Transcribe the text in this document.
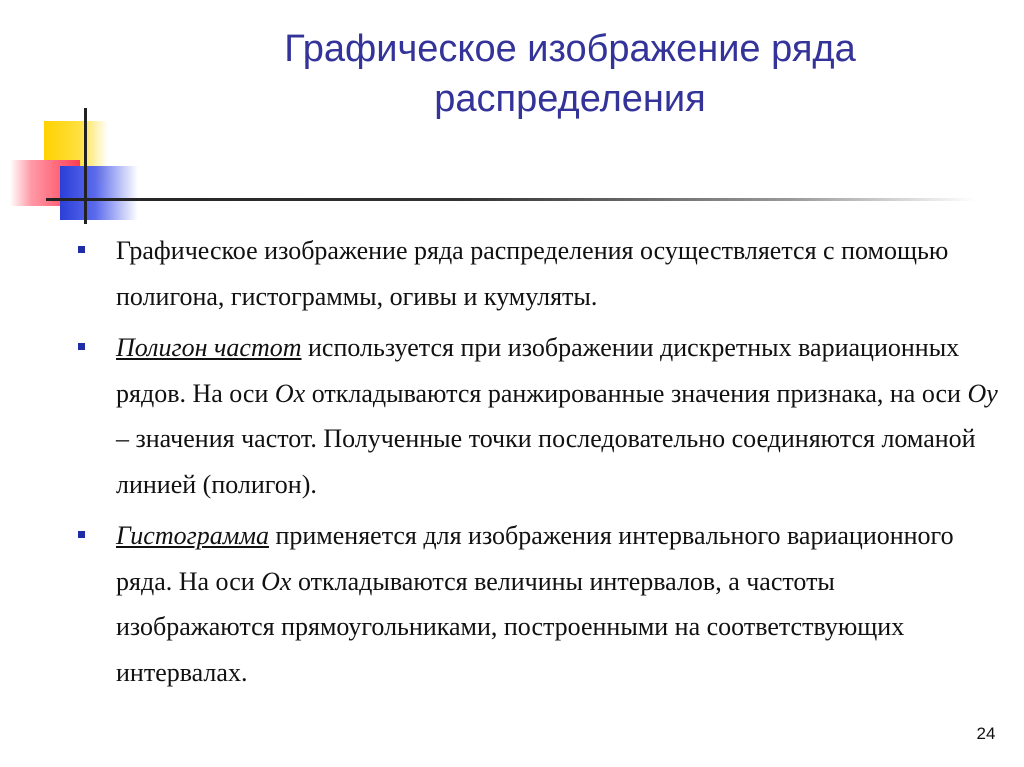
Графическое изображение ряда распределения
Графическое изображение ряда распределения осуществляется с помощью полигона, гистограммы, огивы и кумуляты.
Полигон частот используется при изображении дискретных вариационных рядов. На оси Ох откладываются ранжированные значения признака, на оси Оу – значения частот. Полученные точки последовательно соединяются ломаной линией (полигон).
Гистограмма применяется для изображения интервального вариационного ряда. На оси Ох откладываются величины интервалов, а частоты изображаются прямоугольниками, построенными на соответствующих интервалах.
24
